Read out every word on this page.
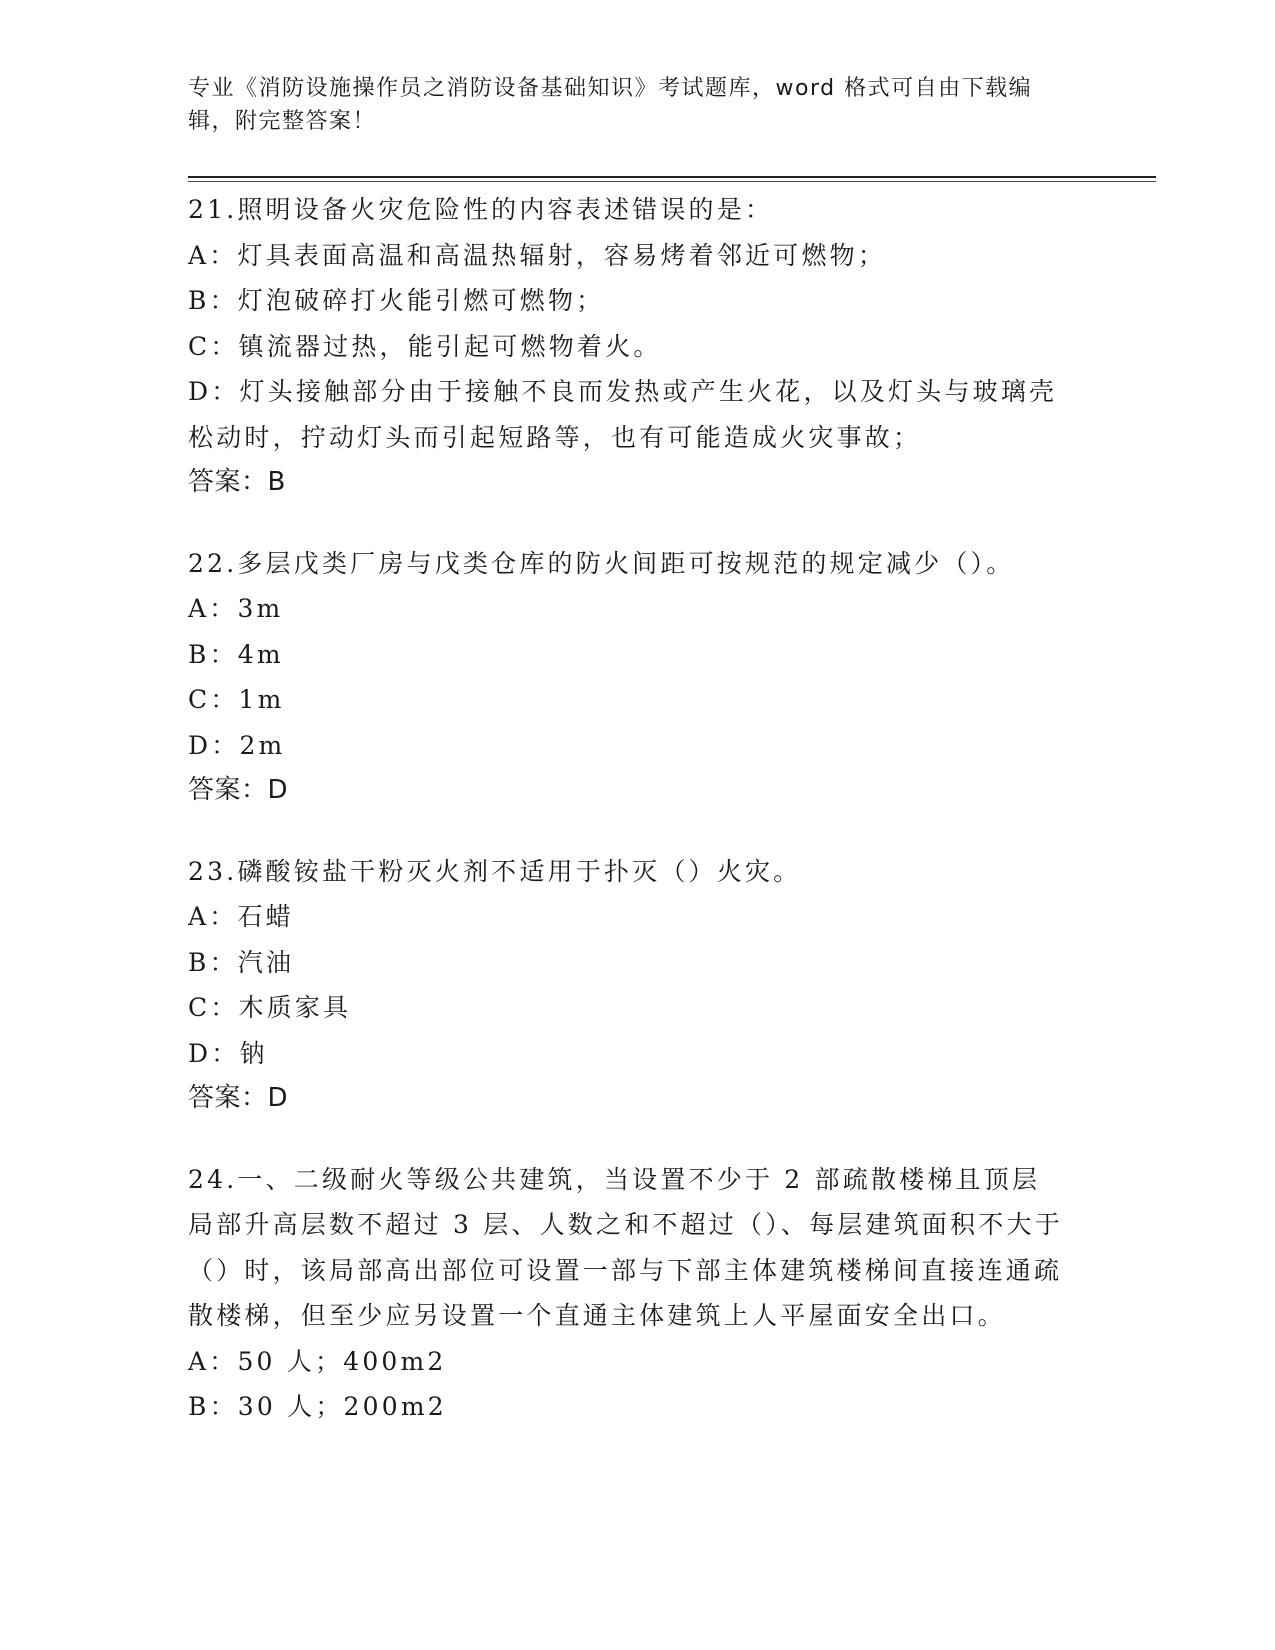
专业《消防设施操作员之消防设备基础知识》考试题库，word 格式可自由下载编辑，附完整答案！
21.照明设备火灾危险性的内容表述错误的是：
A：灯具表面高温和高温热辐射，容易烤着邻近可燃物；
B：灯泡破碎打火能引燃可燃物；
C：镇流器过热，能引起可燃物着火。
D：灯头接触部分由于接触不良而发热或产生火花，以及灯头与玻璃壳松动时，拧动灯头而引起短路等，也有可能造成火灾事故；
答案：B
22.多层戊类厂房与戊类仓库的防火间距可按规范的规定减少（）。
A：3m
B：4m
C：1m
D：2m
答案：D
23.磷酸铵盐干粉灭火剂不适用于扑灭（）火灾。
A：石蜡
B：汽油
C：木质家具
D：钠
答案：D
24.一、二级耐火等级公共建筑，当设置不少于 2 部疏散楼梯且顶层局部升高层数不超过 3 层、人数之和不超过（）、每层建筑面积不大于（）时，该局部高出部位可设置一部与下部主体建筑楼梯间直接连通疏散楼梯，但至少应另设置一个直通主体建筑上人平屋面安全出口。
A：50 人；400m2
B：30 人；200m2
